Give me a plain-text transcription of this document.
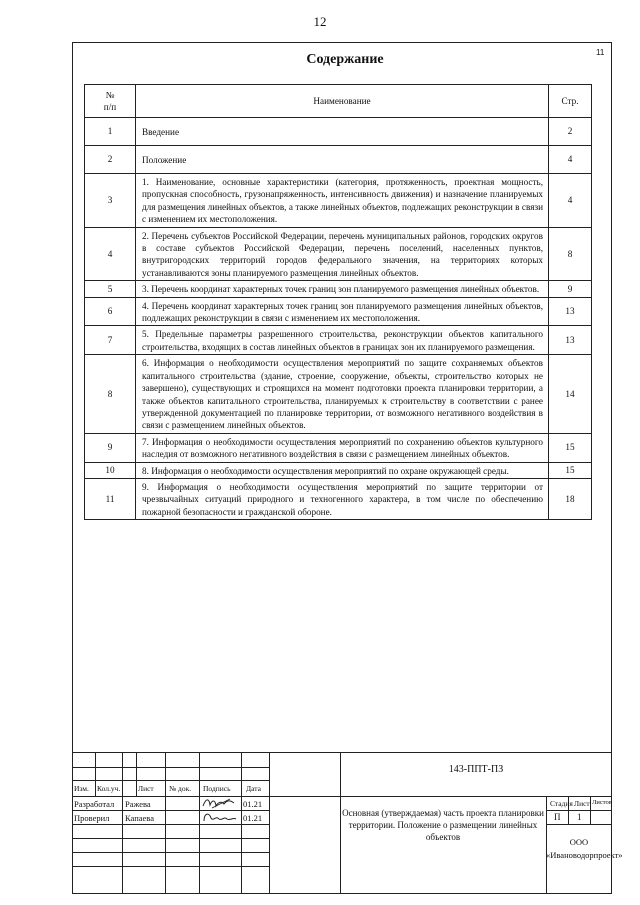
12
11
Содержание
№
п/п	Наименование	Стр.
1	Введение	2
2	Положение	4
3	1. Наименование, основные характеристики (категория, протяженность, проектная мощность, пропускная способность, грузонапряженность, интенсивность движения) и назначение планируемых для размещения линейных объектов, а также линейных объектов, подлежащих реконструкции в связи с изменением их местоположения.	4
4	2. Перечень субъектов Российской Федерации, перечень муниципальных районов, городских округов в составе субъектов Российской Федерации, перечень поселений, населенных пунктов, внутригородских территорий городов федерального значения, на территориях которых устанавливаются зоны планируемого размещения линейных объектов.	8
5	3. Перечень координат характерных точек границ зон планируемого размещения линейных объектов.	9
6	4. Перечень координат характерных точек границ зон планируемого размещения линейных объектов, подлежащих реконструкции в связи с изменением их местоположения.	13
7	5. Предельные параметры разрешенного строительства, реконструкции объектов капитального строительства, входящих в состав линейных объектов в границах зон их планируемого размещения.	13
8	6. Информация о необходимости осуществления мероприятий по защите сохраняемых объектов капитального строительства (здание, строение, сооружение, объекты, строительство которых не завершено), существующих и строящихся на момент подготовки проекта планировки территории, а также объектов капитального строительства, планируемых к строительству в соответствии с ранее утвержденной документацией по планировке территории, от возможного негативного воздействия в связи с размещением линейных объектов.	14
9	7. Информация о необходимости осуществления мероприятий по сохранению объектов культурного наследия от возможного негативного воздействия в связи с размещением линейных объектов.	15
10	8. Информация о необходимости осуществления мероприятий по охране окружающей среды.	15
11	9. Информация о необходимости осуществления мероприятий по защите территории от чрезвычайных ситуаций природного и техногенного характера, в том числе по обеспечению пожарной безопасности и гражданской обороне.	18
Изм. Кол.уч. Лист № док. Подпись Дата
Разработал Ражева	01.21
Проверил Капаева	01.21
143-ППТ-ПЗ
Основная (утверждаемая) часть проекта планировки территории. Положение о размещении линейных объектов
Стадия Лист Листов
П 1
ООО «Ивановодорпроект»
